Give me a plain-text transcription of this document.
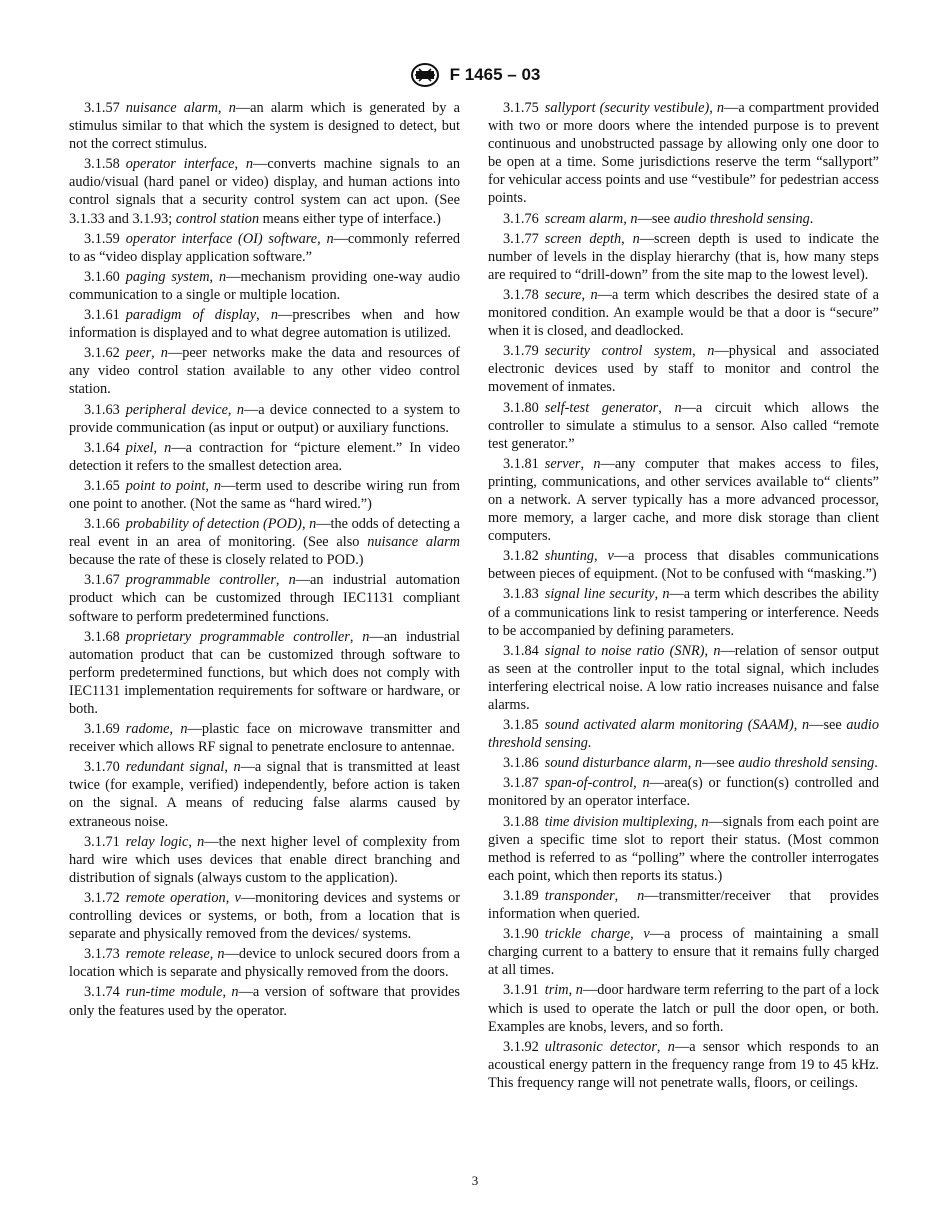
F 1465 – 03

3.1.57 nuisance alarm, n—an alarm which is generated by a stimulus similar to that which the system is designed to detect, but not the correct stimulus.

3.1.58 operator interface, n—converts machine signals to an audio/visual (hard panel or video) display, and human actions into control signals that a security control system can act upon. (See 3.1.33 and 3.1.93; control station means either type of interface.)

3.1.59 operator interface (OI) software, n—commonly referred to as “video display application software.”

3.1.60 paging system, n—mechanism providing one-way audio communication to a single or multiple location.

3.1.61 paradigm of display, n—prescribes when and how information is displayed and to what degree automation is utilized.

3.1.62 peer, n—peer networks make the data and resources of any video control station available to any other video control station.

3.1.63 peripheral device, n—a device connected to a system to provide communication (as input or output) or auxiliary functions.

3.1.64 pixel, n—a contraction for “picture element.” In video detection it refers to the smallest detection area.

3.1.65 point to point, n—term used to describe wiring run from one point to another. (Not the same as “hard wired.”)

3.1.66 probability of detection (POD), n—the odds of detecting a real event in an area of monitoring. (See also nuisance alarm because the rate of these is closely related to POD.)

3.1.67 programmable controller, n—an industrial automation product which can be customized through IEC1131 compliant software to perform predetermined functions.

3.1.68 proprietary programmable controller, n—an industrial automation product that can be customized through software to perform predetermined functions, but which does not comply with IEC1131 implementation requirements for software or hardware, or both.

3.1.69 radome, n—plastic face on microwave transmitter and receiver which allows RF signal to penetrate enclosure to antennae.

3.1.70 redundant signal, n—a signal that is transmitted at least twice (for example, verified) independently, before action is taken on the signal. A means of reducing false alarms caused by extraneous noise.

3.1.71 relay logic, n—the next higher level of complexity from hard wire which uses devices that enable direct branching and distribution of signals (always custom to the application).

3.1.72 remote operation, v—monitoring devices and systems or controlling devices or systems, or both, from a location that is separate and physically removed from the devices/ systems.

3.1.73 remote release, n—device to unlock secured doors from a location which is separate and physically removed from the doors.

3.1.74 run-time module, n—a version of software that provides only the features used by the operator.

3.1.75 sallyport (security vestibule), n—a compartment provided with two or more doors where the intended purpose is to prevent continuous and unobstructed passage by allowing only one door to be open at a time. Some jurisdictions reserve the term “sallyport” for vehicular access points and use “vestibule” for pedestrian access points.

3.1.76 scream alarm, n—see audio threshold sensing.

3.1.77 screen depth, n—screen depth is used to indicate the number of levels in the display hierarchy (that is, how many steps are required to “drill-down” from the site map to the lowest level).

3.1.78 secure, n—a term which describes the desired state of a monitored condition. An example would be that a door is “secure” when it is closed, and deadlocked.

3.1.79 security control system, n—physical and associated electronic devices used by staff to monitor and control the movement of inmates.

3.1.80 self-test generator, n—a circuit which allows the controller to simulate a stimulus to a sensor. Also called “remote test generator.”

3.1.81 server, n—any computer that makes access to files, printing, communications, and other services available to“ clients” on a network. A server typically has a more advanced processor, more memory, a larger cache, and more disk storage than client computers.

3.1.82 shunting, v—a process that disables communications between pieces of equipment. (Not to be confused with “masking.”)

3.1.83 signal line security, n—a term which describes the ability of a communications link to resist tampering or interference. Needs to be accompanied by defining parameters.

3.1.84 signal to noise ratio (SNR), n—relation of sensor output as seen at the controller input to the total signal, which includes interfering electrical noise. A low ratio increases nuisance and false alarms.

3.1.85 sound activated alarm monitoring (SAAM), n—see audio threshold sensing.

3.1.86 sound disturbance alarm, n—see audio threshold sensing.

3.1.87 span-of-control, n—area(s) or function(s) controlled and monitored by an operator interface.

3.1.88 time division multiplexing, n—signals from each point are given a specific time slot to report their status. (Most common method is referred to as “polling” where the controller interrogates each point, which then reports its status.)

3.1.89 transponder, n—transmitter/receiver that provides information when queried.

3.1.90 trickle charge, v—a process of maintaining a small charging current to a battery to ensure that it remains fully charged at all times.

3.1.91 trim, n—door hardware term referring to the part of a lock which is used to operate the latch or pull the door open, or both. Examples are knobs, levers, and so forth.

3.1.92 ultrasonic detector, n—a sensor which responds to an acoustical energy pattern in the frequency range from 19 to 45 kHz. This frequency range will not penetrate walls, floors, or ceilings.

3
